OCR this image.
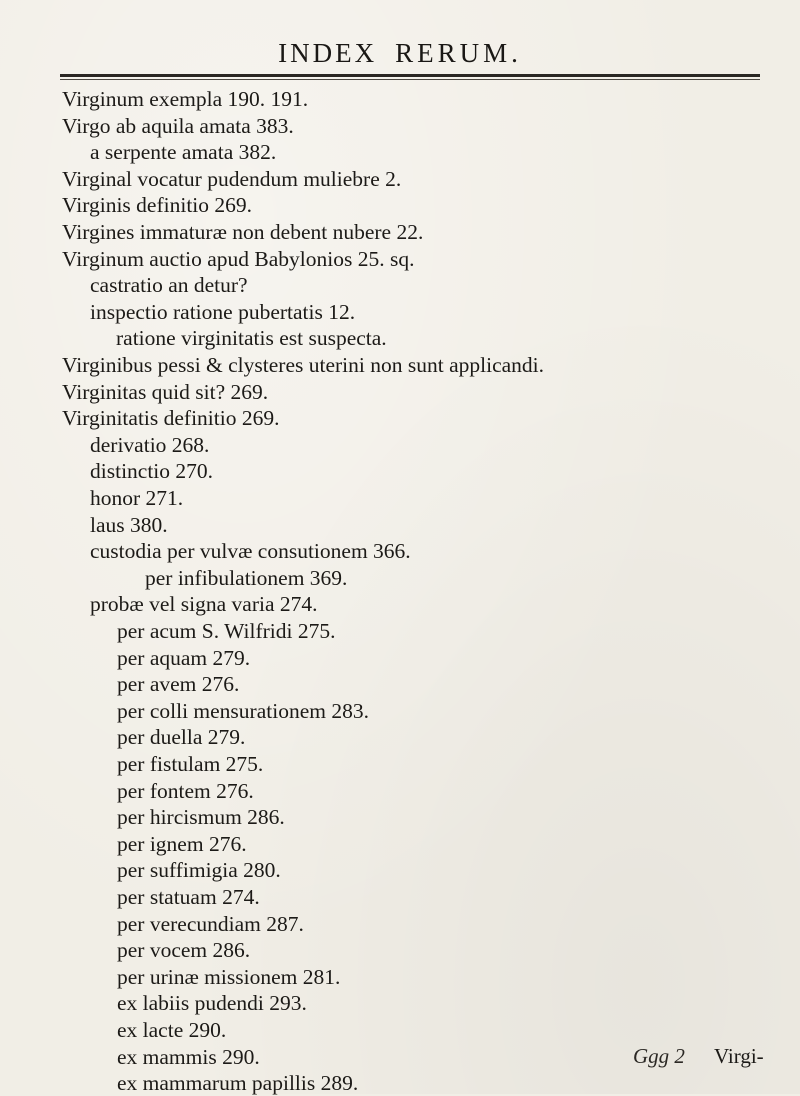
INDEX RERUM.
Virginum exempla 190. 191.
Virgo ab aquila amata 383.
a serpente amata 382.
Virginal vocatur pudendum muliebre 2.
Virginis definitio 269.
Virgines immaturæ non debent nubere 22.
Virginum auctio apud Babylonios 25. sq.
castratio an detur?
inspectio ratione pubertatis 12.
ratione virginitatis est suspecta.
Virginibus pessi & clysteres uterini non sunt applicandi.
Virginitas quid sit? 269.
Virginitatis definitio 269.
derivatio 268.
distinctio 270.
honor 271.
laus 380.
custodia per vulvæ consutionem 366.
per infibulationem 369.
probæ vel signa varia 274.
per acum S. Wilfridi 275.
per aquam 279.
per avem 276.
per colli mensurationem 283.
per duella 279.
per fistulam 275.
per fontem 276.
per hircismum 286.
per ignem 276.
per suffimigia 280.
per statuam 274.
per verecundiam 287.
per vocem 286.
per urinæ missionem 281.
ex labiis pudendi 293.
ex lacte 290.
ex mammis 290.
ex mammarum papillis 289.
Ggg 2 Virgi-
